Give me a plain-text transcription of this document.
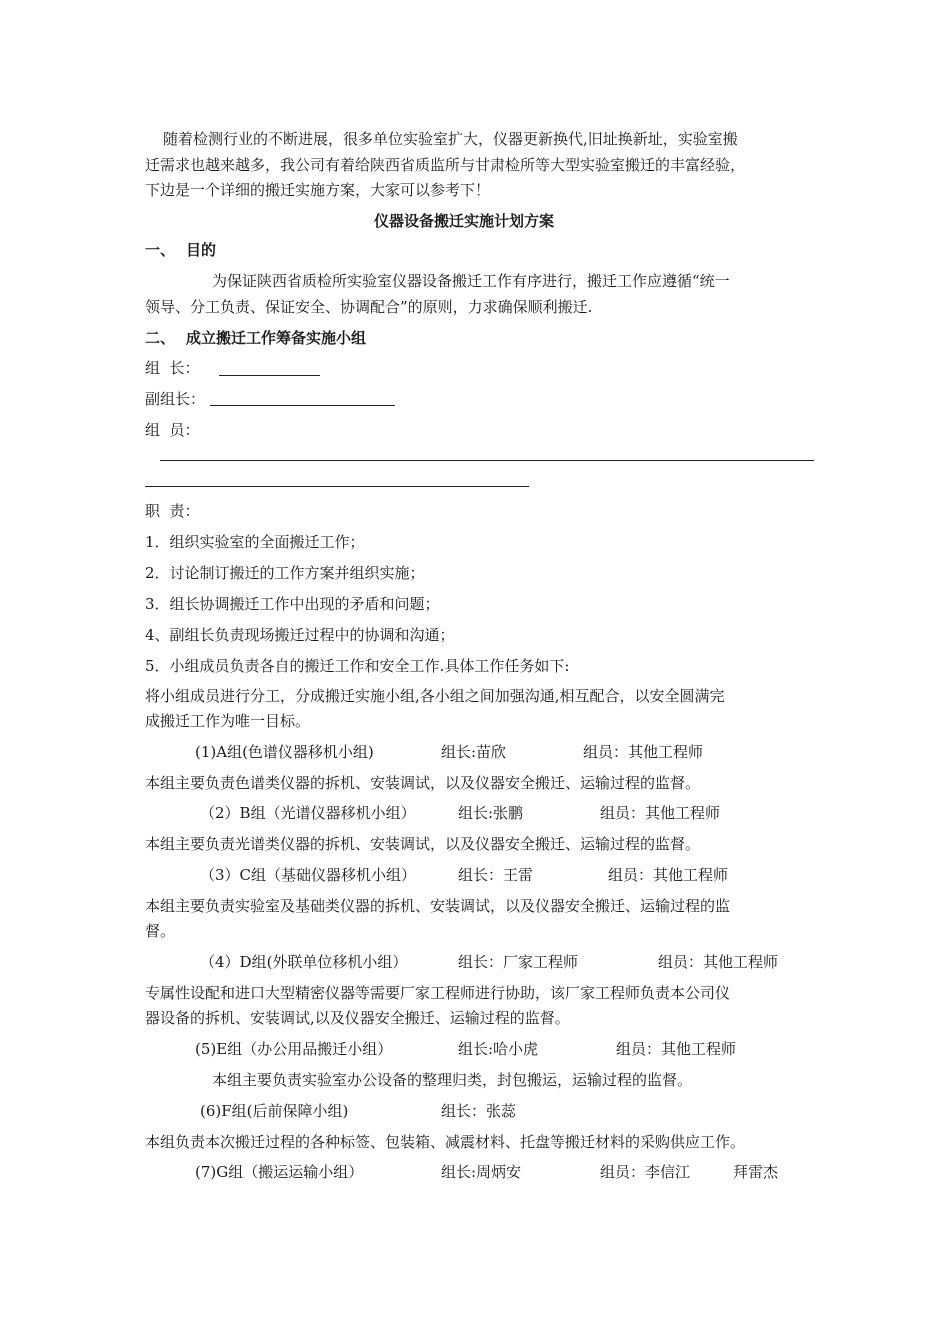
随着检测行业的不断进展，很多单位实验室扩大，仪器更新换代,旧址换新址，实验室搬
迁需求也越来越多，我公司有着给陕西省质监所与甘肃检所等大型实验室搬迁的丰富经验，
下边是一个详细的搬迁实施方案，大家可以参考下！
仪器设备搬迁实施计划方案
一、 目的
为保证陕西省质检所实验室仪器设备搬迁工作有序进行，搬迁工作应遵循“统一
领导、分工负责、保证安全、协调配合”的原则，力求确保顺利搬迁.
二、 成立搬迁工作筹备实施小组
组  长：
副组长：
组  员：
职  责：
1．组织实验室的全面搬迁工作；
2．讨论制订搬迁的工作方案并组织实施；
3．组长协调搬迁工作中出现的矛盾和问题；
4、副组长负责现场搬迁过程中的协调和沟通；
5．小组成员负责各自的搬迁工作和安全工作.具体工作任务如下:
将小组成员进行分工，分成搬迁实施小组,各小组之间加强沟通,相互配合，以安全圆满完
成搬迁工作为唯一目标。
(1)A组(色谱仪器移机小组)	组长:苗欣	组员：其他工程师
本组主要负责色谱类仪器的拆机、安装调试，以及仪器安全搬迁、运输过程的监督。
（2）B组（光谱仪器移机小组）	组长:张鹏	组员：其他工程师
本组主要负责光谱类仪器的拆机、安装调试，以及仪器安全搬迁、运输过程的监督。
（3）C组（基础仪器移机小组）	组长：王雷	组员：其他工程师
本组主要负责实验室及基础类仪器的拆机、安装调试，以及仪器安全搬迁、运输过程的监
督。
（4）D组(外联单位移机小组）	组长：厂家工程师	组员：其他工程师
专属性设配和进口大型精密仪器等需要厂家工程师进行协助，该厂家工程师负责本公司仪
器设备的拆机、安装调试,以及仪器安全搬迁、运输过程的监督。
(5)E组（办公用品搬迁小组）	组长:哈小虎	组员：其他工程师
本组主要负责实验室办公设备的整理归类，封包搬运，运输过程的监督。
(6)F组(后前保障小组)	组长：张蕊
本组负责本次搬迁过程的各种标签、包装箱、减震材料、托盘等搬迁材料的采购供应工作。
(7)G组（搬运运输小组）	组长:周炳安	组员：李信江	拜雷杰
